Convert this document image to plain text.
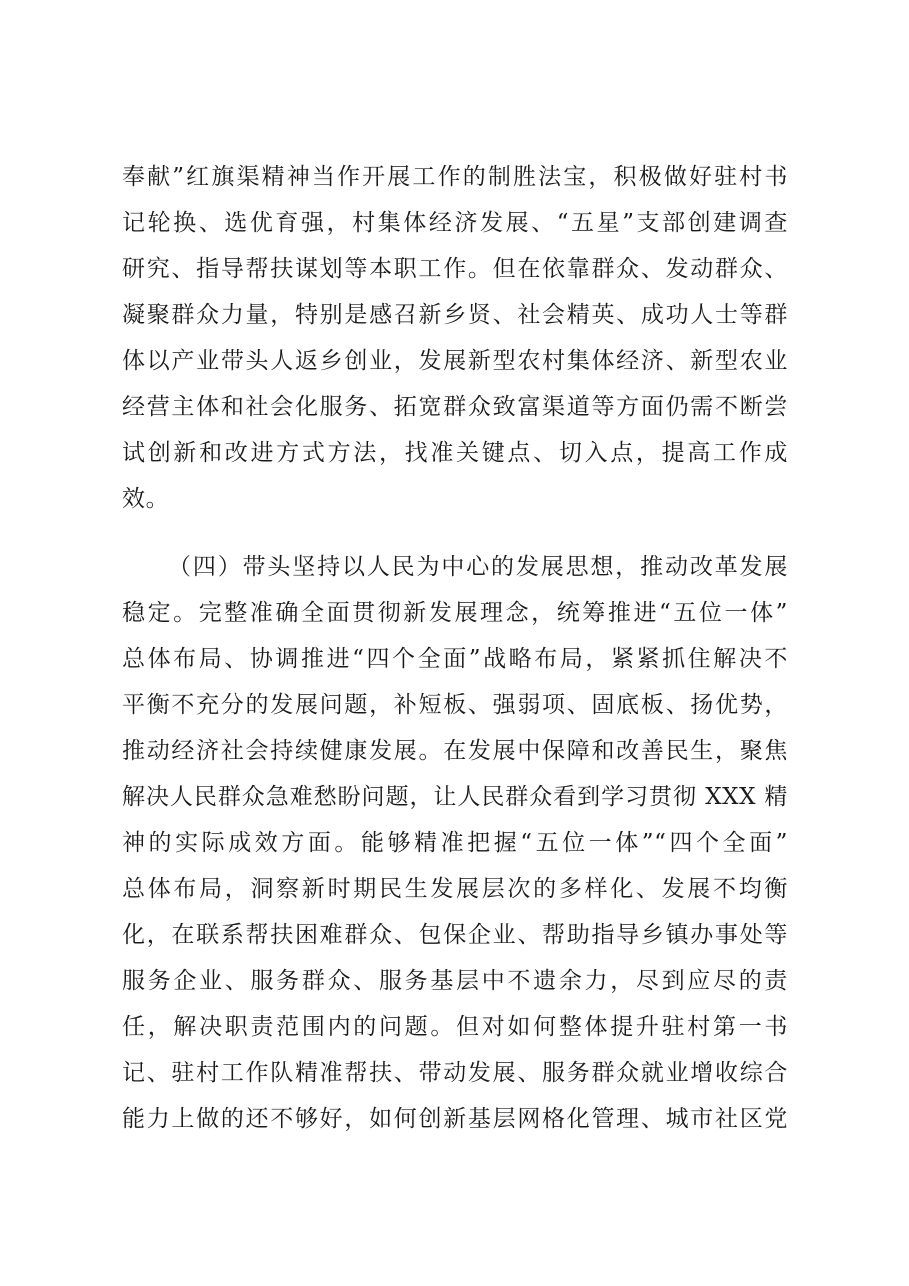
奉献”红旗渠精神当作开展工作的制胜法宝，积极做好驻村书
记轮换、选优育强，村集体经济发展、“五星”支部创建调查
研究、指导帮扶谋划等本职工作。但在依靠群众、发动群众、
凝聚群众力量，特别是感召新乡贤、社会精英、成功人士等群
体以产业带头人返乡创业，发展新型农村集体经济、新型农业
经营主体和社会化服务、拓宽群众致富渠道等方面仍需不断尝
试创新和改进方式方法，找准关键点、切入点，提高工作成
效。
（四）带头坚持以人民为中心的发展思想，推动改革发展
稳定。完整准确全面贯彻新发展理念，统筹推进“五位一体”
总体布局、协调推进“四个全面”战略布局，紧紧抓住解决不
平衡不充分的发展问题，补短板、强弱项、固底板、扬优势，
推动经济社会持续健康发展。在发展中保障和改善民生，聚焦
解决人民群众急难愁盼问题，让人民群众看到学习贯彻 XXX 精
神的实际成效方面。能够精准把握“五位一体”“四个全面”
总体布局，洞察新时期民生发展层次的多样化、发展不均衡
化，在联系帮扶困难群众、包保企业、帮助指导乡镇办事处等
服务企业、服务群众、服务基层中不遗余力，尽到应尽的责
任，解决职责范围内的问题。但对如何整体提升驻村第一书
记、驻村工作队精准帮扶、带动发展、服务群众就业增收综合
能力上做的还不够好，如何创新基层网格化管理、城市社区党
